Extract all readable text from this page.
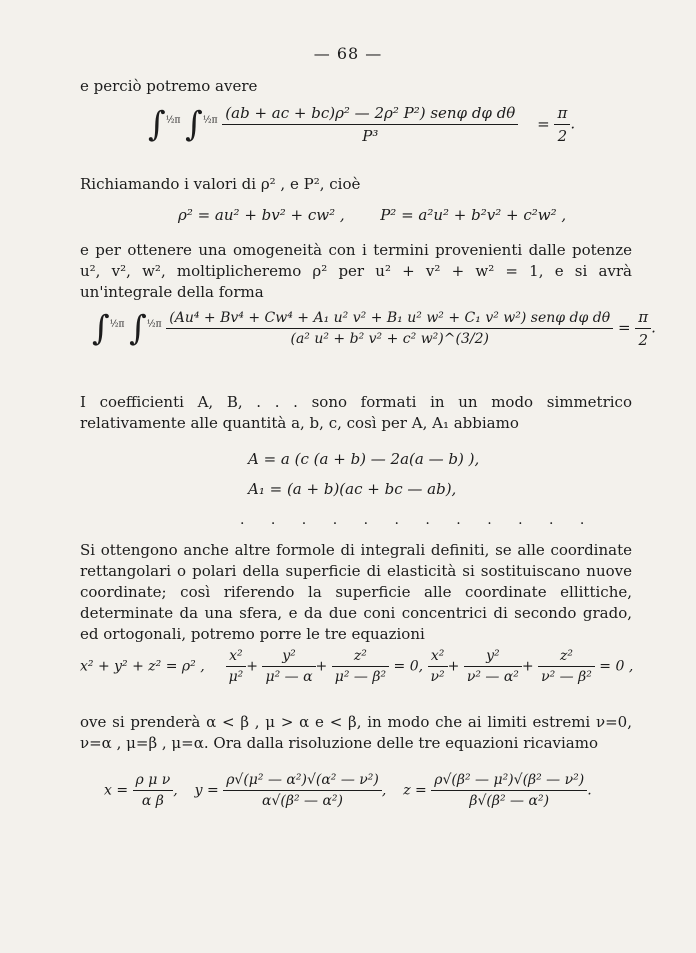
— 68 —
e perciò potremo avere
∫$^{\frac{1}{2}\pi}$ $\int^{\frac{1}{2}\pi} \frac{\text{(ab + ac + bc)ρ² — 2ρ² P²) senφ dφ dθ}}{\text{P³}} = \frac{\pi}{2}$ .
Richiamando i valori di ρ² , e P², cioè
ρ² = au² + bv² + cw² , P² = a²u² + b²v² + c²w² ,
e per ottenere una omogeneità con i termini provenienti dalle potenze u², v², w², moltiplicheremo ρ² per u² + v² + w² = 1, e si avrà un'integrale della forma
∫$^{\frac{1}{2}\pi}$ ∫$^{\frac{1}{2}\pi}$ (Au⁴ + Bv⁴ + Cw⁴ + A₁ u² v² + B₁ u² w² + C₁ v² w²) senφ dφ dθ
(a² u² + b² v² + c² w²)^(3/2)
= $\frac{\pi}{2}$ .
I coefficienti A, B, . . . sono formati in un modo simmetrico relativamente alle quantità a, b, c, così per A, A₁ abbiamo
A = a (c (a + b) — 2a(a — b) ),
A₁ = (a + b)(ac + bc — ab),
. . . . . . . . . . . .
Si ottengono anche altre formole di integrali definiti, se alle coordinate rettangolari o polari della superficie di elasticità si sostituiscano nuove coordinate; così riferendo la superficie alle coordinate ellittiche, determinate da una sfera, e da due coni concentrici di secondo grado, ed ortogonali, potremo porre le tre equazioni
x² + y² + z² = ρ² , $\frac{\text{x²}}{\text{μ²}} + \frac{\text{y²}}{\text{μ² — α}} + \frac{\text{z²}}{\text{μ² — β²}} = 0$, $\frac{\text{x²}}{\text{ν²}} + \frac{\text{y²}}{\text{ν² — α²}} + \frac{\text{z²}}{\text{ν² — β²}} = 0$ ,
ove si prenderà α < β , μ > α e < β, in modo che ai limiti estremi ν=0, ν=α , μ=β , μ=α. Ora dalla risoluzione delle tre equazioni ricaviamo
$x = \frac{\text{ρ μ ν}}{\text{α β}}$ ,  $y = \frac{\text{ρ√(μ² — α²)√(α² — ν²)}}{\text{α√(β² — α²)}}$ ,  $z = \frac{\text{ρ√(β² — μ²)√(β² — ν²)}}{\text{β√(β² — α²)}}$ .
